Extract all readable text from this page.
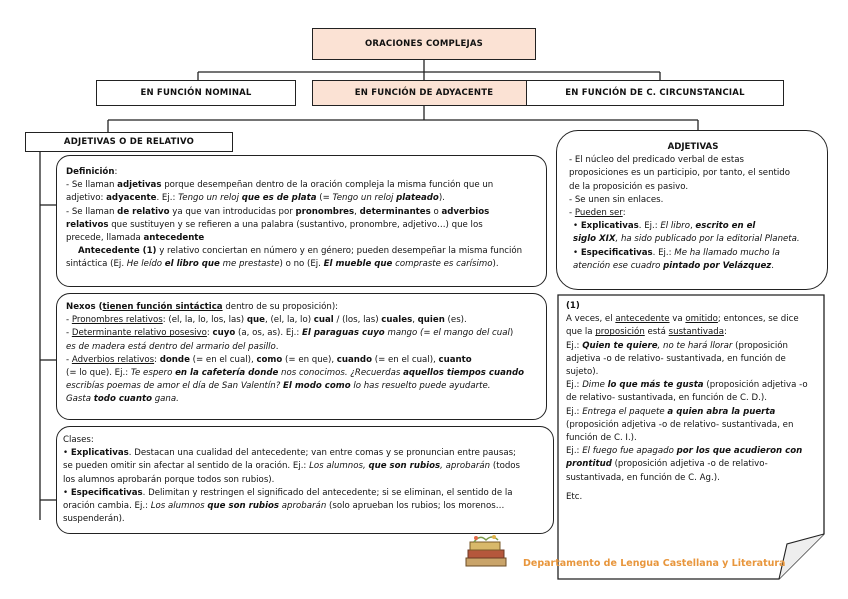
ORACIONES COMPLEJAS
EN FUNCIÓN NOMINAL	EN FUNCIÓN DE ADYACENTE	EN FUNCIÓN DE C. CIRCUNSTANCIAL
ADJETIVAS O DE RELATIVO

Definición:

- Se llaman adjetivas porque desempeñan dentro de la oración compleja la misma función que un

adjetivo: adyacente. Ej.: Tengo un reloj que es de plata (= Tengo un reloj plateado).

- Se llaman de relativo ya que van introducidas por pronombres, determinantes o adverbios

relativos que sustituyen y se refieren a una palabra (sustantivo, pronombre, adjetivo…) que los

precede, llamada antecedente

Antecedente (1) y relativo conciertan en número y en género; pueden desempeñar la misma función

sintáctica (Ej. He leído el libro que me prestaste) o no (Ej. El mueble que compraste es carísimo).

Nexos (tienen función sintáctica dentro de su proposición):

- Pronombres relativos: (el, la, lo, los, las) que, (el, la, lo) cual / (los, las) cuales, quien (es).

- Determinante relativo posesivo: cuyo (a, os, as). Ej.: El paraguas cuyo mango (= el mango del cual)

es de madera está dentro del armario del pasillo.

- Adverbios relativos: donde (= en el cual), como (= en que), cuando (= en el cual), cuanto

(= lo que). Ej.: Te espero en la cafetería donde nos conocimos. ¿Recuerdas aquellos tiempos cuando

escribías poemas de amor el día de San Valentín? El modo como lo has resuelto puede ayudarte.

Gasta todo cuanto gana.

Clases:

• Explicativas. Destacan una cualidad del antecedente; van entre comas y se pronuncian entre pausas;

se pueden omitir sin afectar al sentido de la oración. Ej.: Los alumnos, que son rubios, aprobarán (todos

los alumnos aprobarán porque todos son rubios).

• Especificativas. Delimitan y restringen el significado del antecedente; si se eliminan, el sentido de la

oración cambia. Ej.: Los alumnos que son rubios aprobarán (solo aprueban los rubios; los morenos…

suspenderán).

ADJETIVAS

- El núcleo del predicado verbal de estas

proposiciones es un participio, por tanto, el sentido

de la proposición es pasivo.

- Se unen sin enlaces.

- Pueden ser:

• Explicativas. Ej.: El libro, escrito en el

siglo XIX, ha sido publicado por la editorial Planeta.

• Especificativas. Ej.: Me ha llamado mucho la

atención ese cuadro pintado por Velázquez.

(1)

A veces, el antecedente va omitido; entonces, se dice

que la proposición está sustantivada:

Ej.: Quien te quiere, no te hará llorar (proposición

adjetiva -o de relativo- sustantivada, en función de

sujeto).

Ej.: Dime lo que más te gusta (proposición adjetiva -o

de relativo- sustantivada, en función de C. D.).

Ej.: Entrega el paquete a quien abra la puerta

(proposición adjetiva -o de relativo- sustantivada, en

función de C. I.).

Ej.: El fuego fue apagado por los que acudieron con

prontitud (proposición adjetiva -o de relativo-

sustantivada, en función de C. Ag.).

Etc.

Departamento de Lengua Castellana y Literatura
